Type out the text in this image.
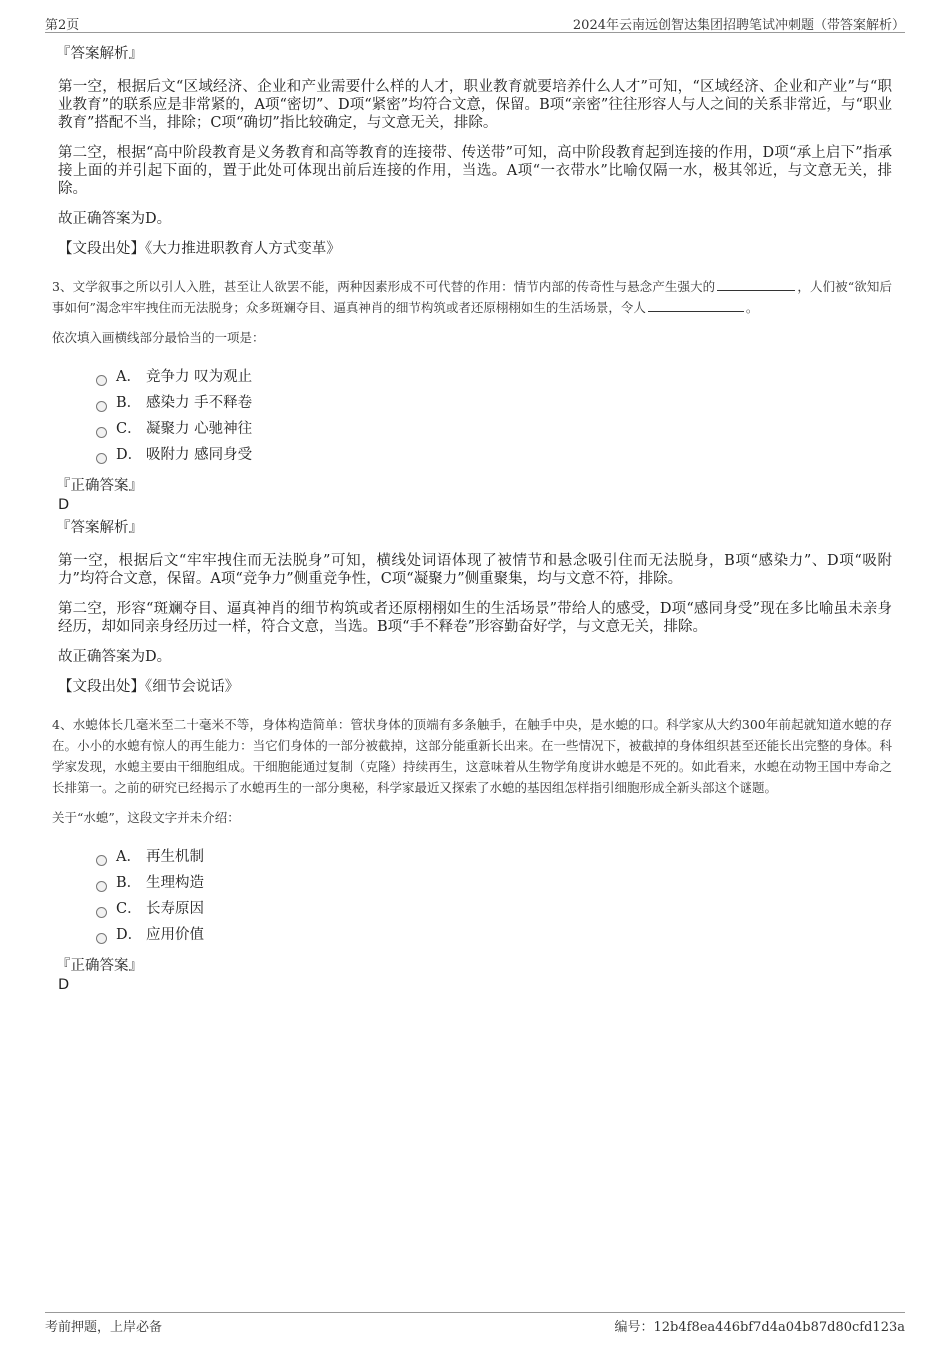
第2页	2024年云南远创智达集团招聘笔试冲刺题（带答案解析）

『答案解析』

第一空，根据后文“区域经济、企业和产业需要什么样的人才，职业教育就要培养什么人才”可知，“区域经济、企业和产业”与“职业教育”的联系应是非常紧的，A项“密切”、D项“紧密”均符合文意，保留。B项“亲密”往往形容人与人之间的关系非常近，与“职业教育”搭配不当，排除；C项“确切”指比较确定，与文意无关，排除。

第二空，根据“高中阶段教育是义务教育和高等教育的连接带、传送带”可知，高中阶段教育起到连接的作用，D项“承上启下”指承接上面的并引起下面的，置于此处可体现出前后连接的作用，当选。A项“一衣带水”比喻仅隔一水，极其邻近，与文意无关，排除。

故正确答案为D。

【文段出处】《大力推进职教育人方式变革》

3、文学叙事之所以引人入胜，甚至让人欲罢不能，两种因素形成不可代替的作用：情节内部的传奇性与悬念产生强大的	，人们被“欲知后事如何”渴念牢牢拽住而无法脱身；众多斑斓夺目、逼真神肖的细节构筑或者还原栩栩如生的生活场景，令人	。

依次填入画横线部分最恰当的一项是：

A． 竞争力 叹为观止
B． 感染力 手不释卷
C． 凝聚力 心驰神往
D． 吸附力 感同身受

『正确答案』

D

『答案解析』

第一空，根据后文“牢牢拽住而无法脱身”可知，横线处词语体现了被情节和悬念吸引住而无法脱身，B项“感染力”、D项“吸附力”均符合文意，保留。A项“竞争力”侧重竞争性，C项“凝聚力”侧重聚集，均与文意不符，排除。

第二空，形容“斑斓夺目、逼真神肖的细节构筑或者还原栩栩如生的生活场景”带给人的感受，D项“感同身受”现在多比喻虽未亲身经历，却如同亲身经历过一样，符合文意，当选。B项“手不释卷”形容勤奋好学，与文意无关，排除。

故正确答案为D。

【文段出处】《细节会说话》

4、水螅体长几毫米至二十毫米不等，身体构造简单：管状身体的顶端有多条触手，在触手中央，是水螅的口。科学家从大约300年前起就知道水螅的存在。小小的水螅有惊人的再生能力：当它们身体的一部分被截掉，这部分能重新长出来。在一些情况下，被截掉的身体组织甚至还能长出完整的身体。科学家发现，水螅主要由干细胞组成。干细胞能通过复制（克隆）持续再生，这意味着从生物学角度讲水螅是不死的。如此看来，水螅在动物王国中寿命之长排第一。之前的研究已经揭示了水螅再生的一部分奥秘，科学家最近又探索了水螅的基因组怎样指引细胞形成全新头部这个谜题。

关于“水螅”，这段文字并未介绍：

A． 再生机制
B． 生理构造
C． 长寿原因
D． 应用价值

『正确答案』

D

考前押题，上岸必备	编号：12b4f8ea446bf7d4a04b87d80cfd123a
